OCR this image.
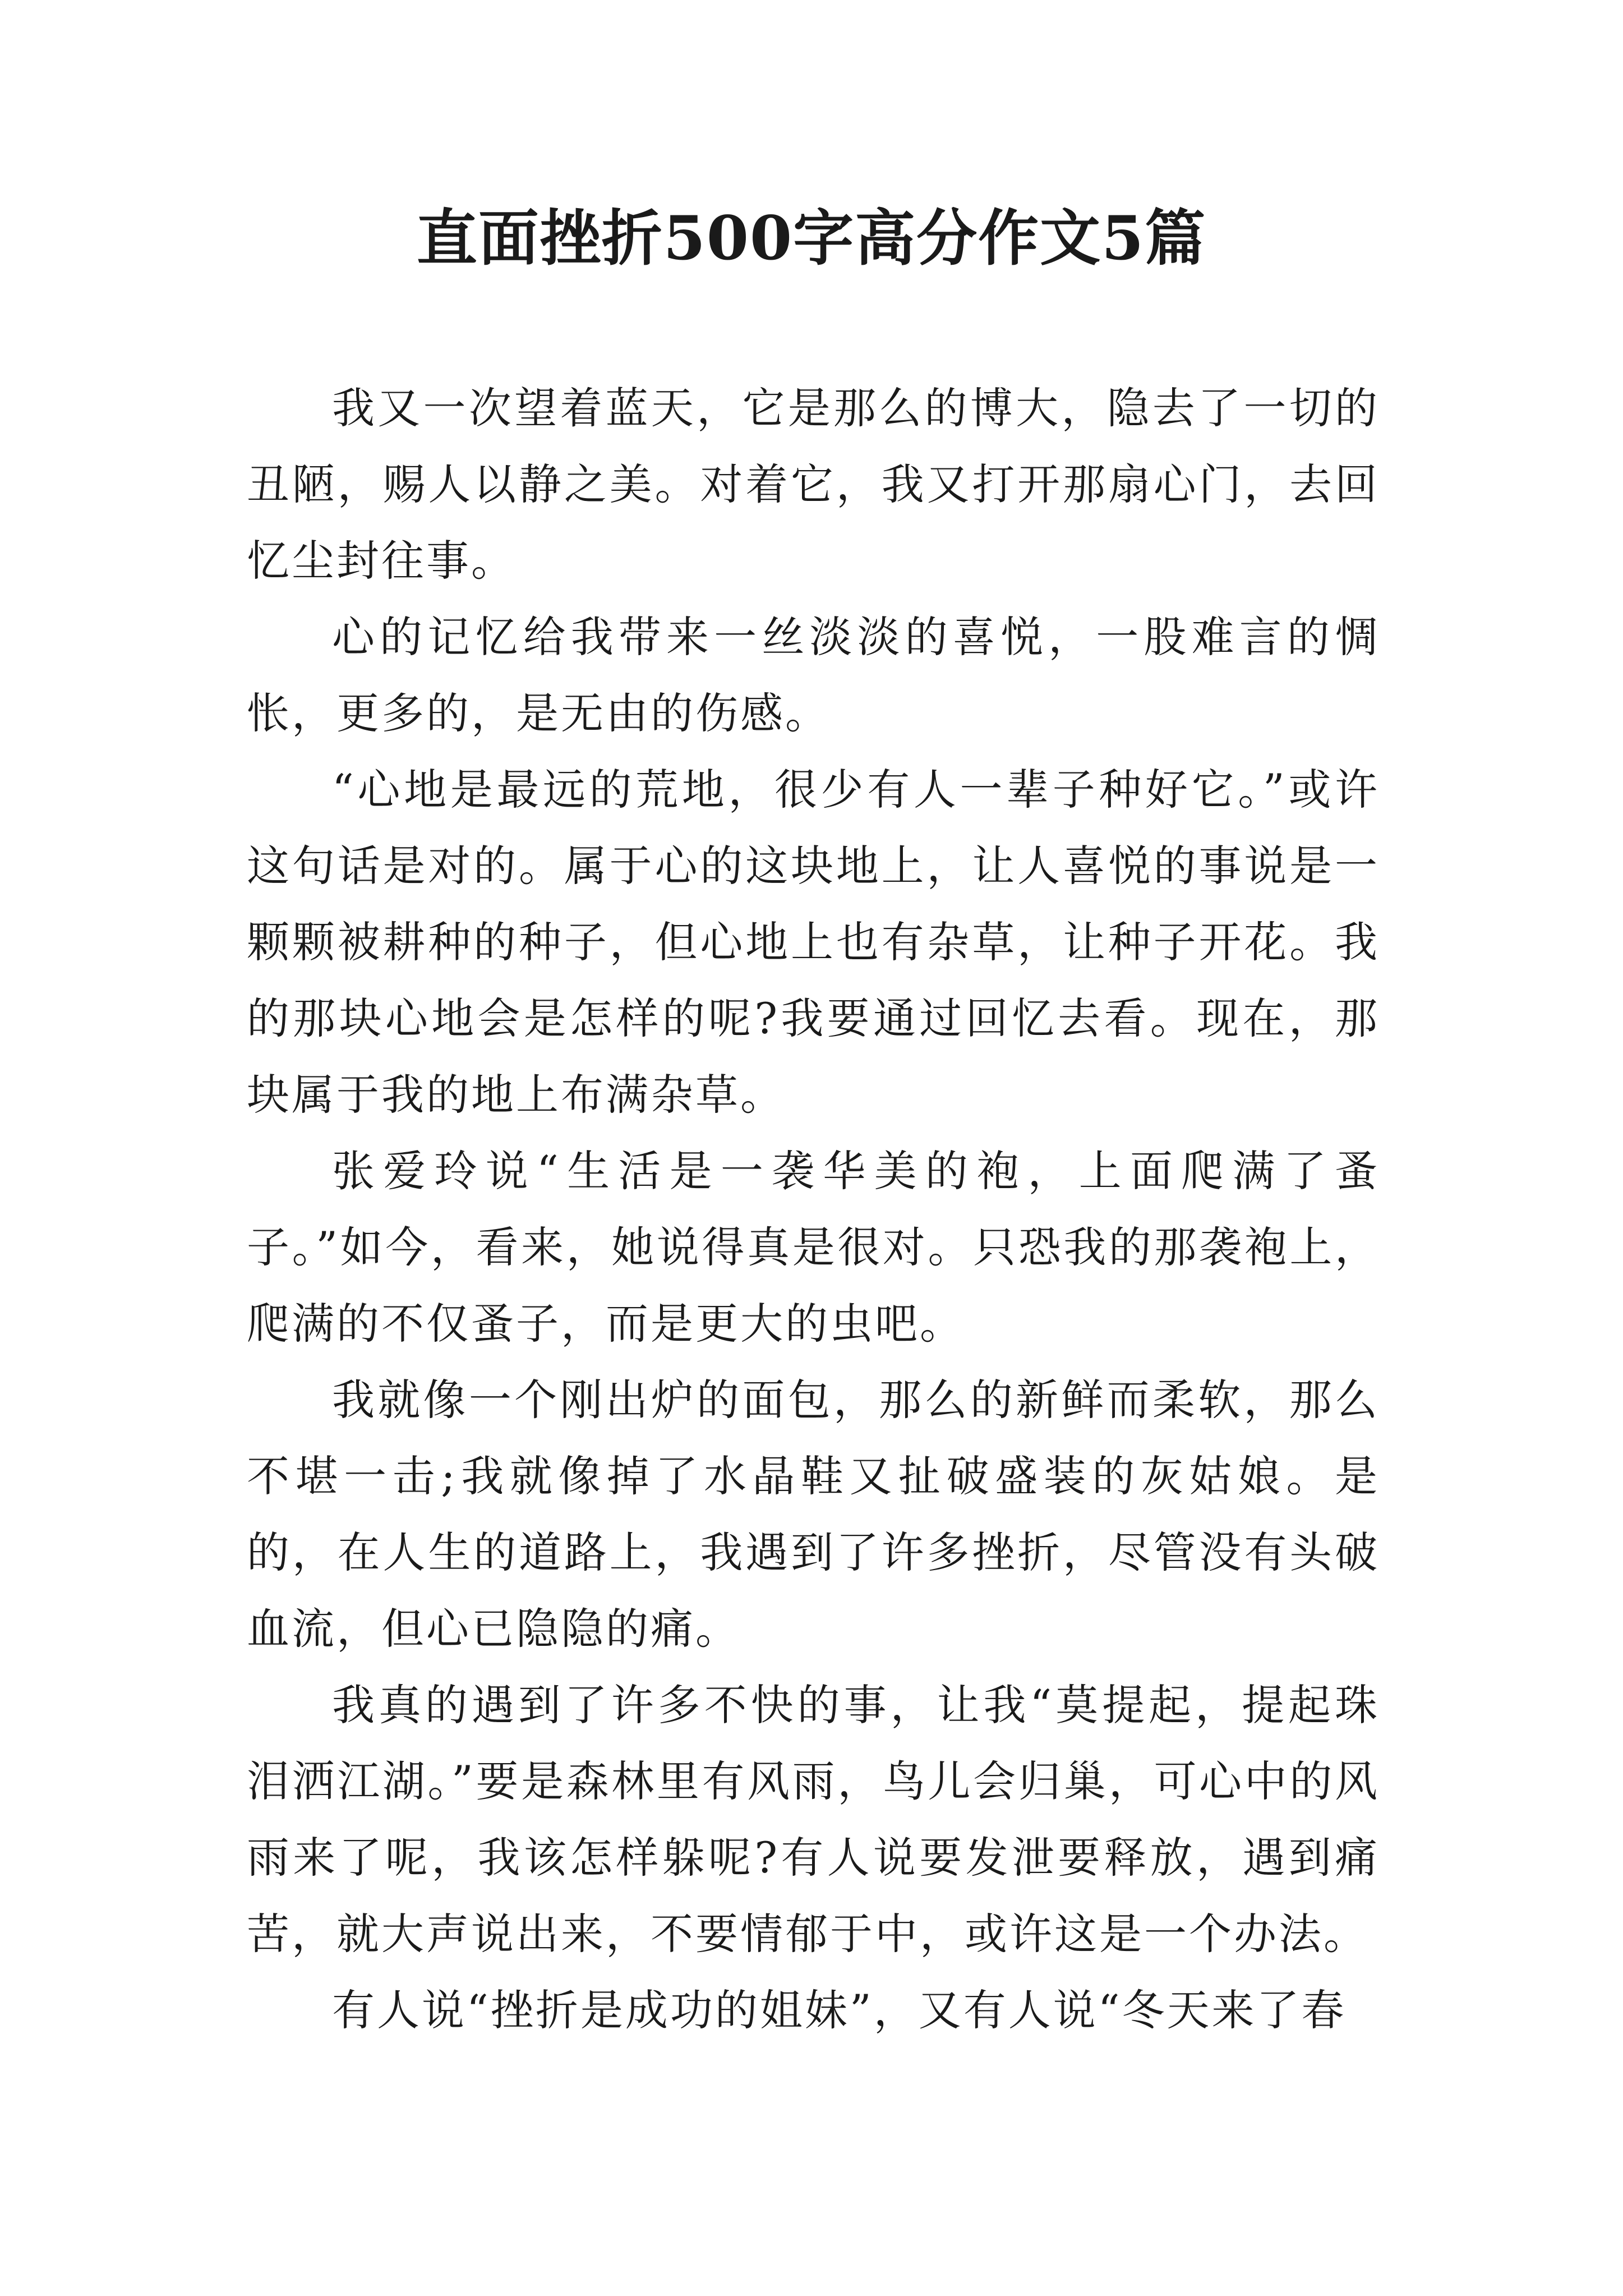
直面挫折500字高分作文5篇

我又一次望着蓝天，它是那么的博大，隐去了一切的丑陋，赐人以静之美。对着它，我又打开那扇心门，去回忆尘封往事。

心的记忆给我带来一丝淡淡的喜悦，一股难言的惆怅，更多的，是无由的伤感。

“心地是最远的荒地，很少有人一辈子种好它。”或许这句话是对的。属于心的这块地上，让人喜悦的事说是一颗颗被耕种的种子，但心地上也有杂草，让种子开花。我的那块心地会是怎样的呢?我要通过回忆去看。现在，那块属于我的地上布满杂草。

张爱玲说“生活是一袭华美的袍，上面爬满了蚤子。”如今，看来，她说得真是很对。只恐我的那袭袍上，爬满的不仅蚤子，而是更大的虫吧。

我就像一个刚出炉的面包，那么的新鲜而柔软，那么不堪一击;我就像掉了水晶鞋又扯破盛装的灰姑娘。是的，在人生的道路上，我遇到了许多挫折，尽管没有头破血流，但心已隐隐的痛。

我真的遇到了许多不快的事，让我“莫提起，提起珠泪洒江湖。”要是森林里有风雨，鸟儿会归巢，可心中的风雨来了呢，我该怎样躲呢?有人说要发泄要释放，遇到痛苦，就大声说出来，不要情郁于中，或许这是一个办法。

有人说“挫折是成功的姐妹”，又有人说“冬天来了春
